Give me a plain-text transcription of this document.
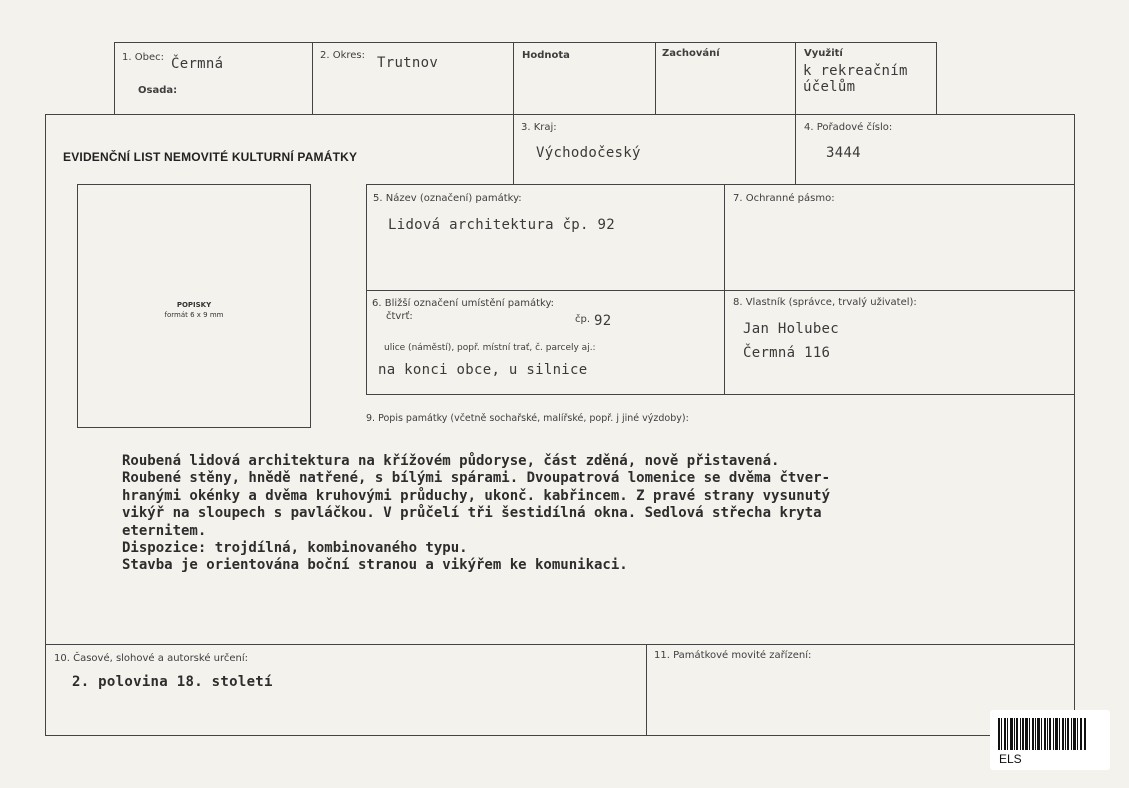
1. Obec: Čermná
Osada:
2. Okres: Trutnov	Hodnota	Zachování	Využití
k rekreačním
účelům
EVIDENČNÍ LIST NEMOVITÉ KULTURNÍ PAMÁTKY
3. Kraj:
Východočeský
4. Pořadové číslo:
3444
POPISKY
formát 6 x 9 mm
5. Název (označení) památky:
Lidová architektura čp. 92
7. Ochranné pásmo:
6. Bližší označení umístění památky:
čtvrť:	čp. 92
ulice (náměstí), popř. místní trať, č. parcely aj.:
na konci obce, u silnice
8. Vlastník (správce, trvalý uživatel):
Jan Holubec
Čermná 116
9. Popis památky (včetně sochařské, malířské, popř. j jiné výzdoby):
Roubená lidová architektura na křížovém půdoryse, část zděná, nově přistavená.
Roubené stěny, hnědě natřené, s bílými spárami. Dvoupatrová lomenice se dvěma čtver-
hranými okénky a dvěma kruhovými průduchy, ukonč. kabřincem. Z pravé strany vysunutý
vikýř na sloupech s pavláčkou. V průčelí tři šestidílná okna. Sedlová střecha kryta
eternitem.
Dispozice: trojdílná, kombinovaného typu.
Stavba je orientována boční stranou a vikýřem ke komunikaci.
10. Časové, slohové a autorské určení:
2. polovina 18. století
11. Památkové movité zařízení:
ELS
